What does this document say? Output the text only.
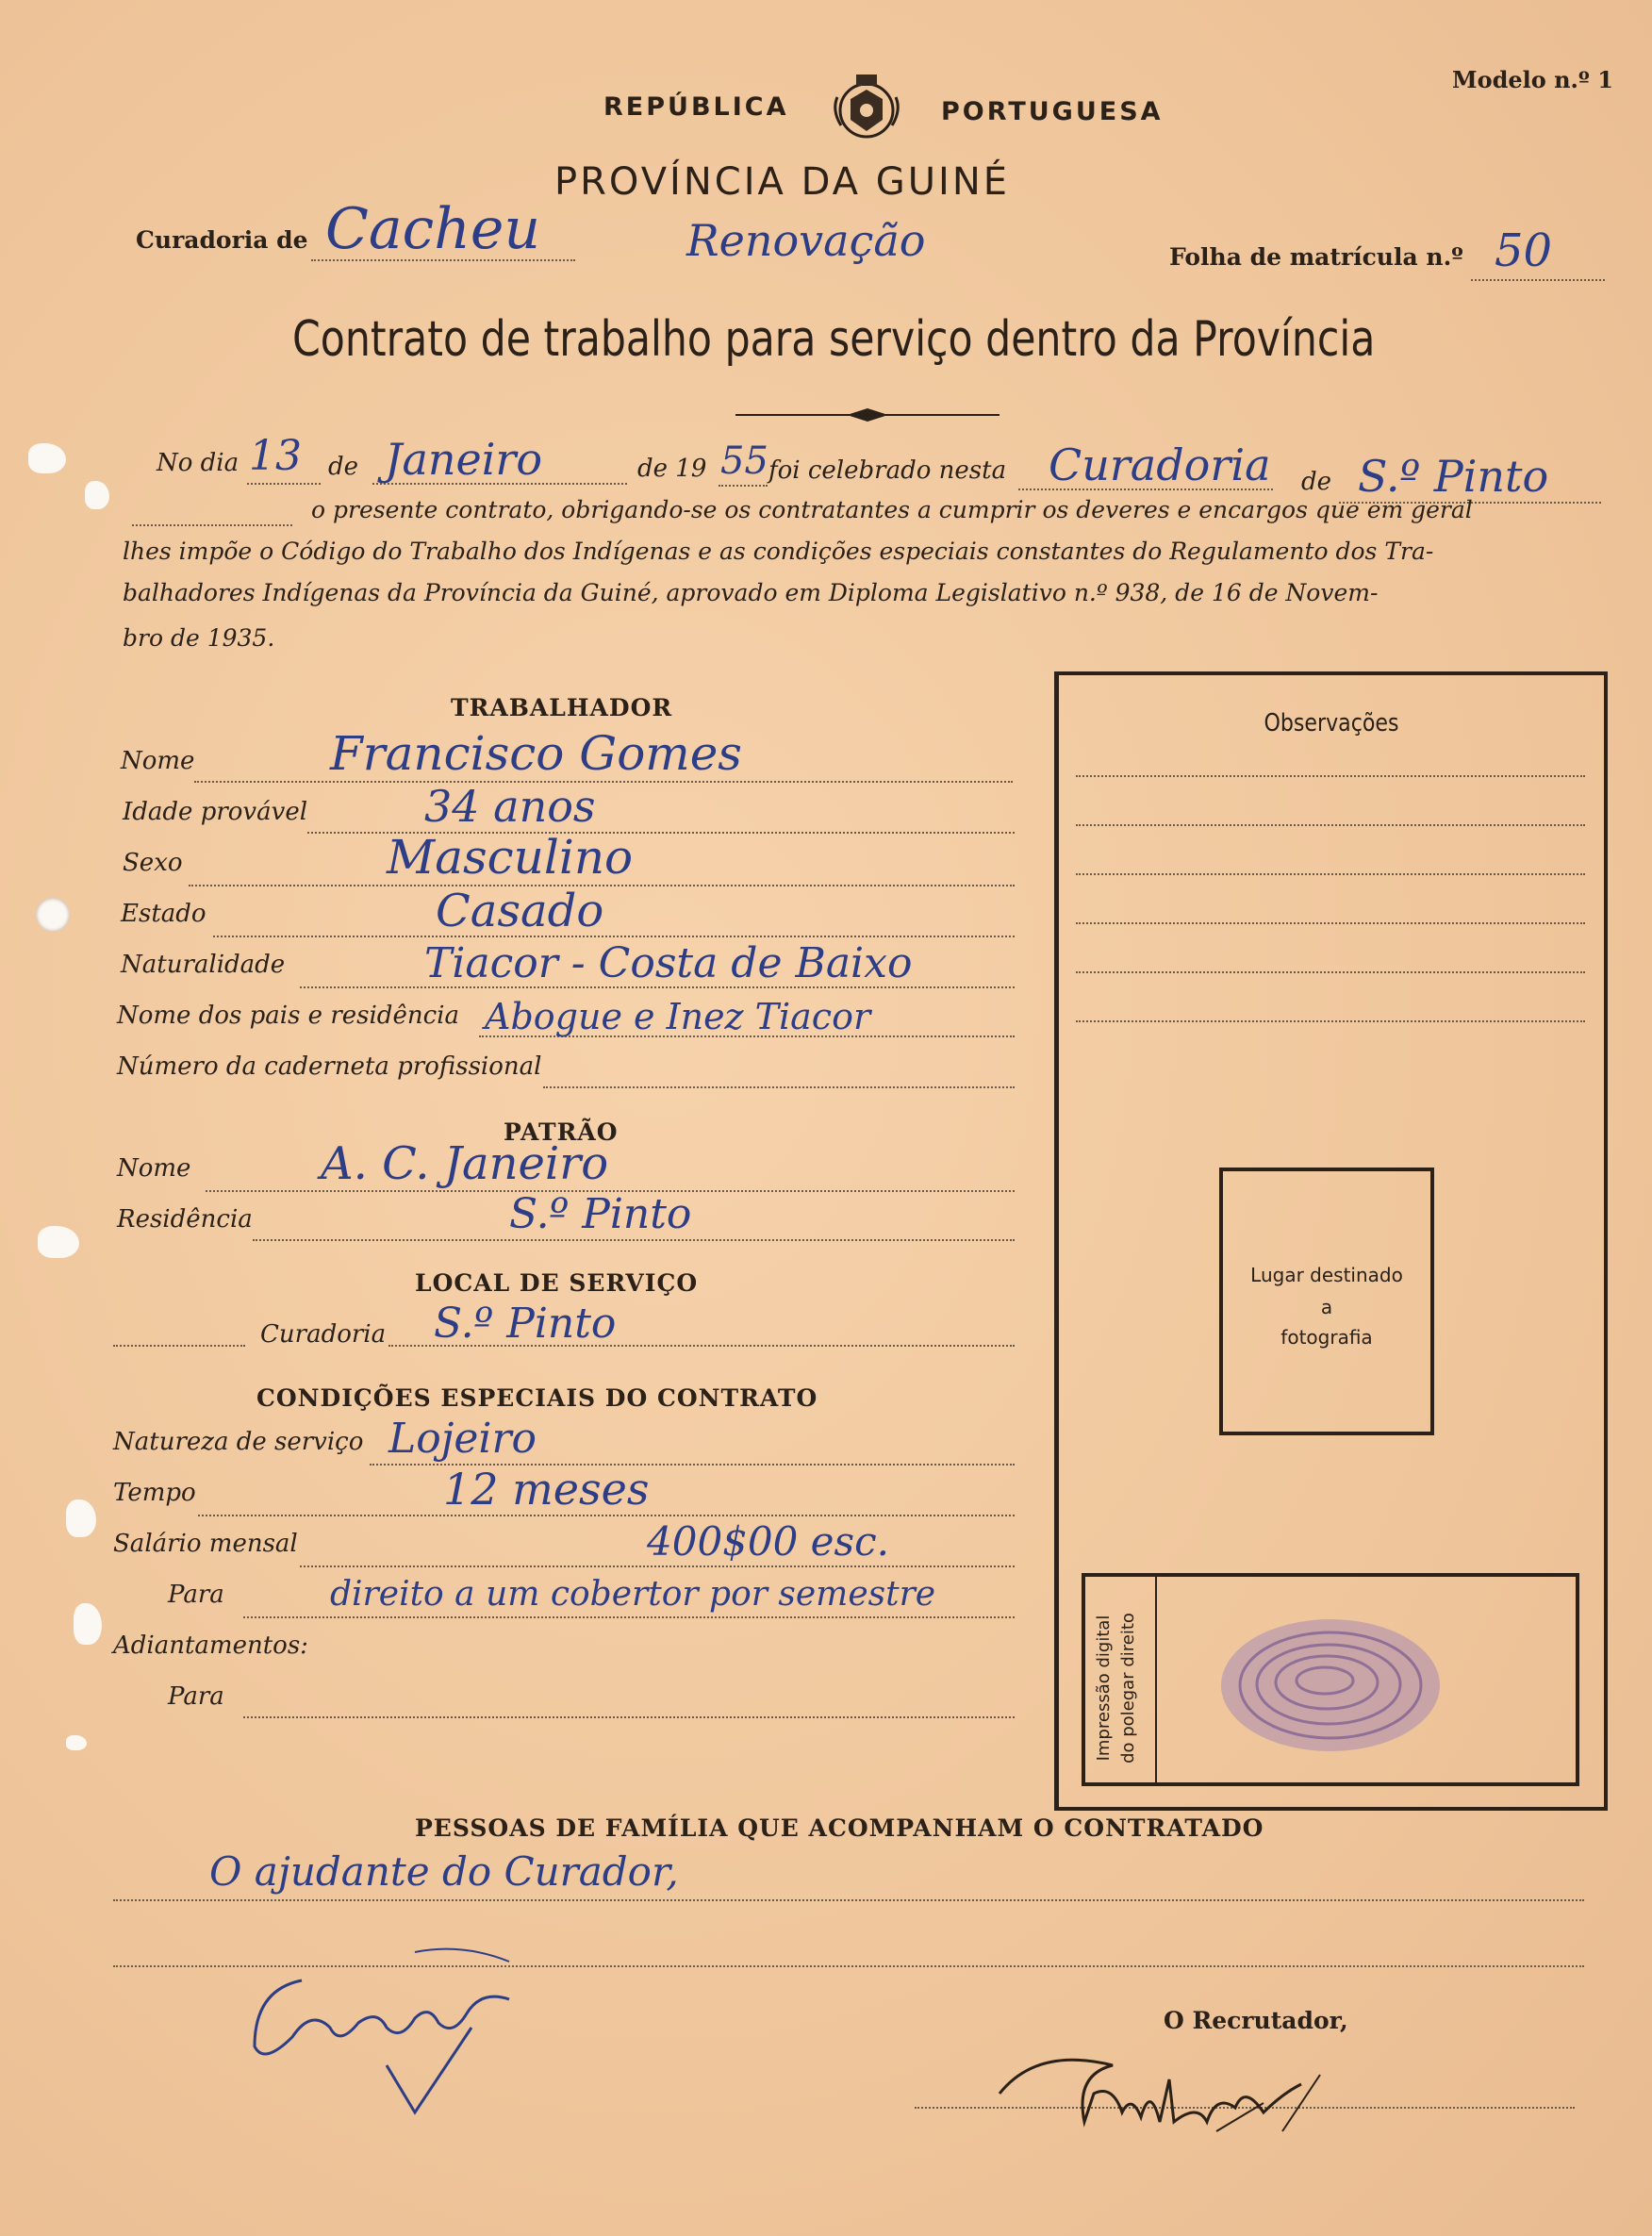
Modelo n.º 1
REPÚBLICA	PORTUGUESA
PROVÍNCIA DA GUINÉ
Curadoria de Cacheu	Renovação	Folha de matrícula n.º 50
Contrato de trabalho para serviço dentro da Província
No dia 13 de Janeiro	de 19 55 foi celebrado nesta Curadoria de S.º Pinto
o presente contrato, obrigando-se os contratantes a cumprir os deveres e encargos que em geral
lhes impõe o Código do Trabalho dos Indígenas e as condições especiais constantes do Regulamento dos Tra-
balhadores Indígenas da Província da Guiné, aprovado em Diploma Legislativo n.º 938, de 16 de Novem-
bro de 1935.
TRABALHADOR
Nome	Francisco Gomes
Idade provável	34 anos
Sexo	Masculino
Estado	Casado
Naturalidade	Tiacor - Costa de Baixo
Nome dos pais e residência Abogue e Inez Tiacor
Número da caderneta profissional
PATRÃO
Nome	A. C. Janeiro
Residência	S.º Pinto
LOCAL DE SERVIÇO
Curadoria S.º Pinto
CONDIÇÕES ESPECIAIS DO CONTRATO
Natureza de serviço Lojeiro
Tempo	12 meses
Salário mensal	400$00 esc.
Para	direito a um cobertor por semestre
Adiantamentos:
Para
Observações
Lugar destinado
a
fotografia
Impressão digital do polegar direito
PESSOAS DE FAMÍLIA QUE ACOMPANHAM O CONTRATADO
O ajudante do Curador,
O Recrutador,
